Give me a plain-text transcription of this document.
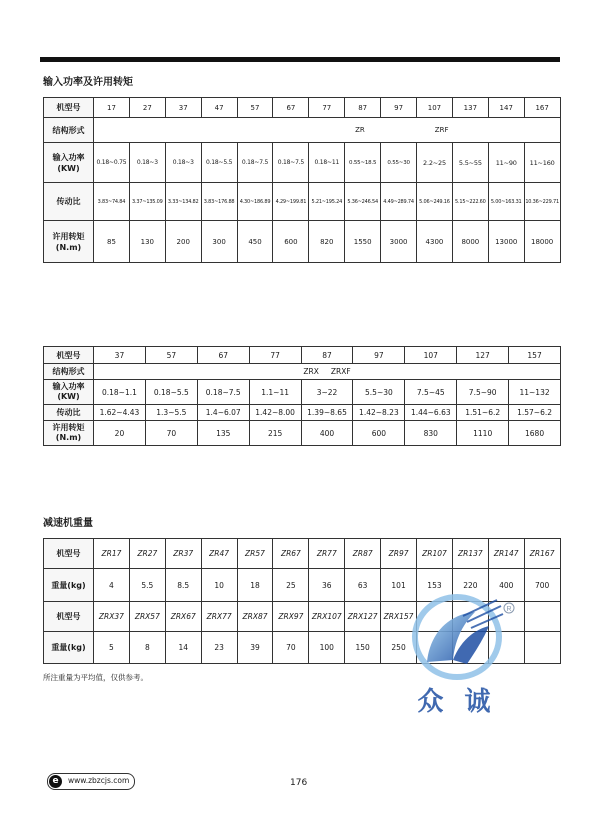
输入功率及许用转矩
机型号	17	27	37	47	57	67	77	87	97	107	137	147	167
结构形式	ZR ZRF												
输入功率
(KW)	0.18~0.75	0.18~3	0.18~3	0.18~5.5	0.18~7.5	0.18~7.5	0.18~11	0.55~18.5	0.55~30	2.2~25	5.5~55	11~90	11~160
传动比	3.83~74.84	3.37~135.09	3.33~134.82	3.83~176.88	4.30~186.89	4.29~199.81	5.21~195.24	5.36~246.54	4.49~289.74	5.06~249.16	5.15~222.60	5.00~163.31	10.36~229.71
许用转矩
(N.m)	85	130	200	300	450	600	820	1550	3000	4300	8000	13000	18000
机型号	37	57	67	77	87	97	107	127	157
结构形式	ZRX ZRXF								
输入功率
(KW)	0.18~1.1	0.18~5.5	0.18~7.5	1.1~11	3~22	5.5~30	7.5~45	7.5~90	11~132
传动比	1.62~4.43	1.3~5.5	1.4~6.07	1.42~8.00	1.39~8.65	1.42~8.23	1.44~6.63	1.51~6.2	1.57~6.2
许用转矩
(N.m)	20	70	135	215	400	600	830	1110	1680
减速机重量
机型号	ZR17	ZR27	ZR37	ZR47	ZR57	ZR67	ZR77	ZR87	ZR97	ZR107	ZR137	ZR147	ZR167
重量(kg)	4	5.5	8.5	10	18	25	36	63	101	153	220	400	700
机型号	ZRX37	ZRX57	ZRX67	ZRX77	ZRX87	ZRX97	ZRX107	ZRX127	ZRX157				
重量(kg)	5	8	14	23	39	70	100	150	250				
所注重量为平均值，仅供参考。
R
众 诚
e	www.zbzcjs.com	176
